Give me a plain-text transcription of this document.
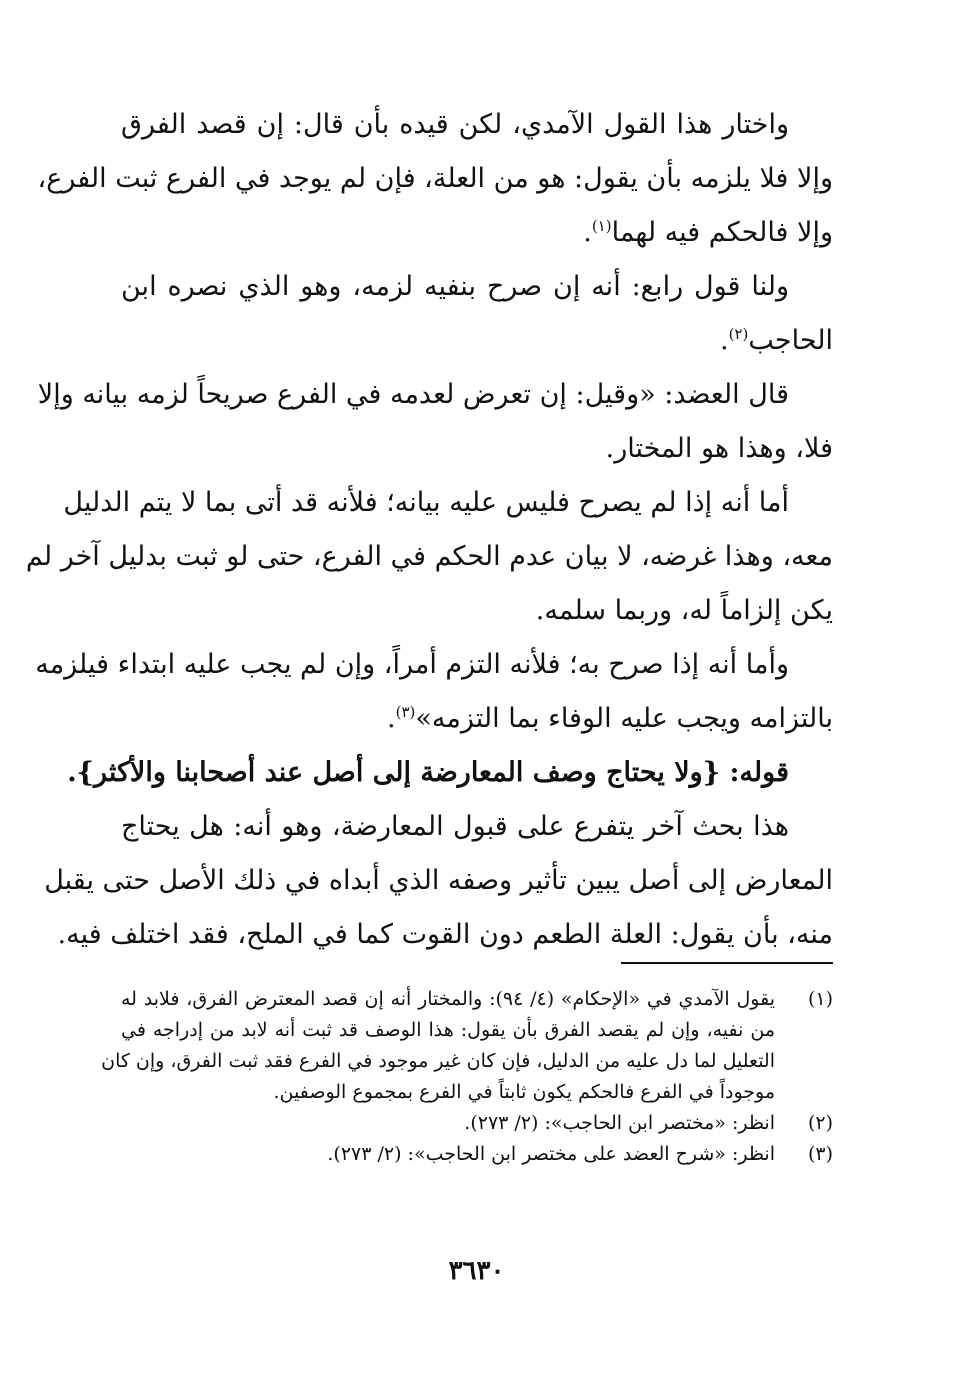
واختار هذا القول الآمدي، لكن قيده بأن قال: إن قصد الفرق
وإلا فلا يلزمه بأن يقول: هو من العلة، فإن لم يوجد في الفرع ثبت الفرع،
وإلا فالحكم فيه لهما$^{(١)}$.
ولنا قول رابع: أنه إن صرح بنفيه لزمه، وهو الذي نصره ابن
الحاجب$^{(٢)}$.
قال العضد: «وقيل: إن تعرض لعدمه في الفرع صريحاً لزمه بيانه وإلا
فلا، وهذا هو المختار.
أما أنه إذا لم يصرح فليس عليه بيانه؛ فلأنه قد أتى بما لا يتم الدليل
معه، وهذا غرضه، لا بيان عدم الحكم في الفرع، حتى لو ثبت بدليل آخر لم
يكن إلزاماً له، وربما سلمه.
وأما أنه إذا صرح به؛ فلأنه التزم أمراً، وإن لم يجب عليه ابتداء فيلزمه
بالتزامه ويجب عليه الوفاء بما التزمه»$^{(٣)}$.
قوله: {ولا يحتاج وصف المعارضة إلى أصل عند أصحابنا والأكثر}.
هذا بحث آخر يتفرع على قبول المعارضة، وهو أنه: هل يحتاج
المعارض إلى أصل يبين تأثير وصفه الذي أبداه في ذلك الأصل حتى يقبل
منه، بأن يقول: العلة الطعم دون القوت كما في الملح، فقد اختلف فيه.
(١)
يقول الآمدي في «الإحكام» (٤/ ٩٤): والمختار أنه إن قصد المعترض الفرق، فلابد له
من نفيه، وإن لم يقصد الفرق بأن يقول: هذا الوصف قد ثبت أنه لابد من إدراجه في
التعليل لما دل عليه من الدليل، فإن كان غير موجود في الفرع فقد ثبت الفرق، وإن كان
موجوداً في الفرع فالحكم يكون ثابتاً في الفرع بمجموع الوصفين.
(٢)
انظر: «مختصر ابن الحاجب»: (٢/ ٢٧٣).
(٣)
انظر: «شرح العضد على مختصر ابن الحاجب»: (٢/ ٢٧٣).
٣٦٣٠
